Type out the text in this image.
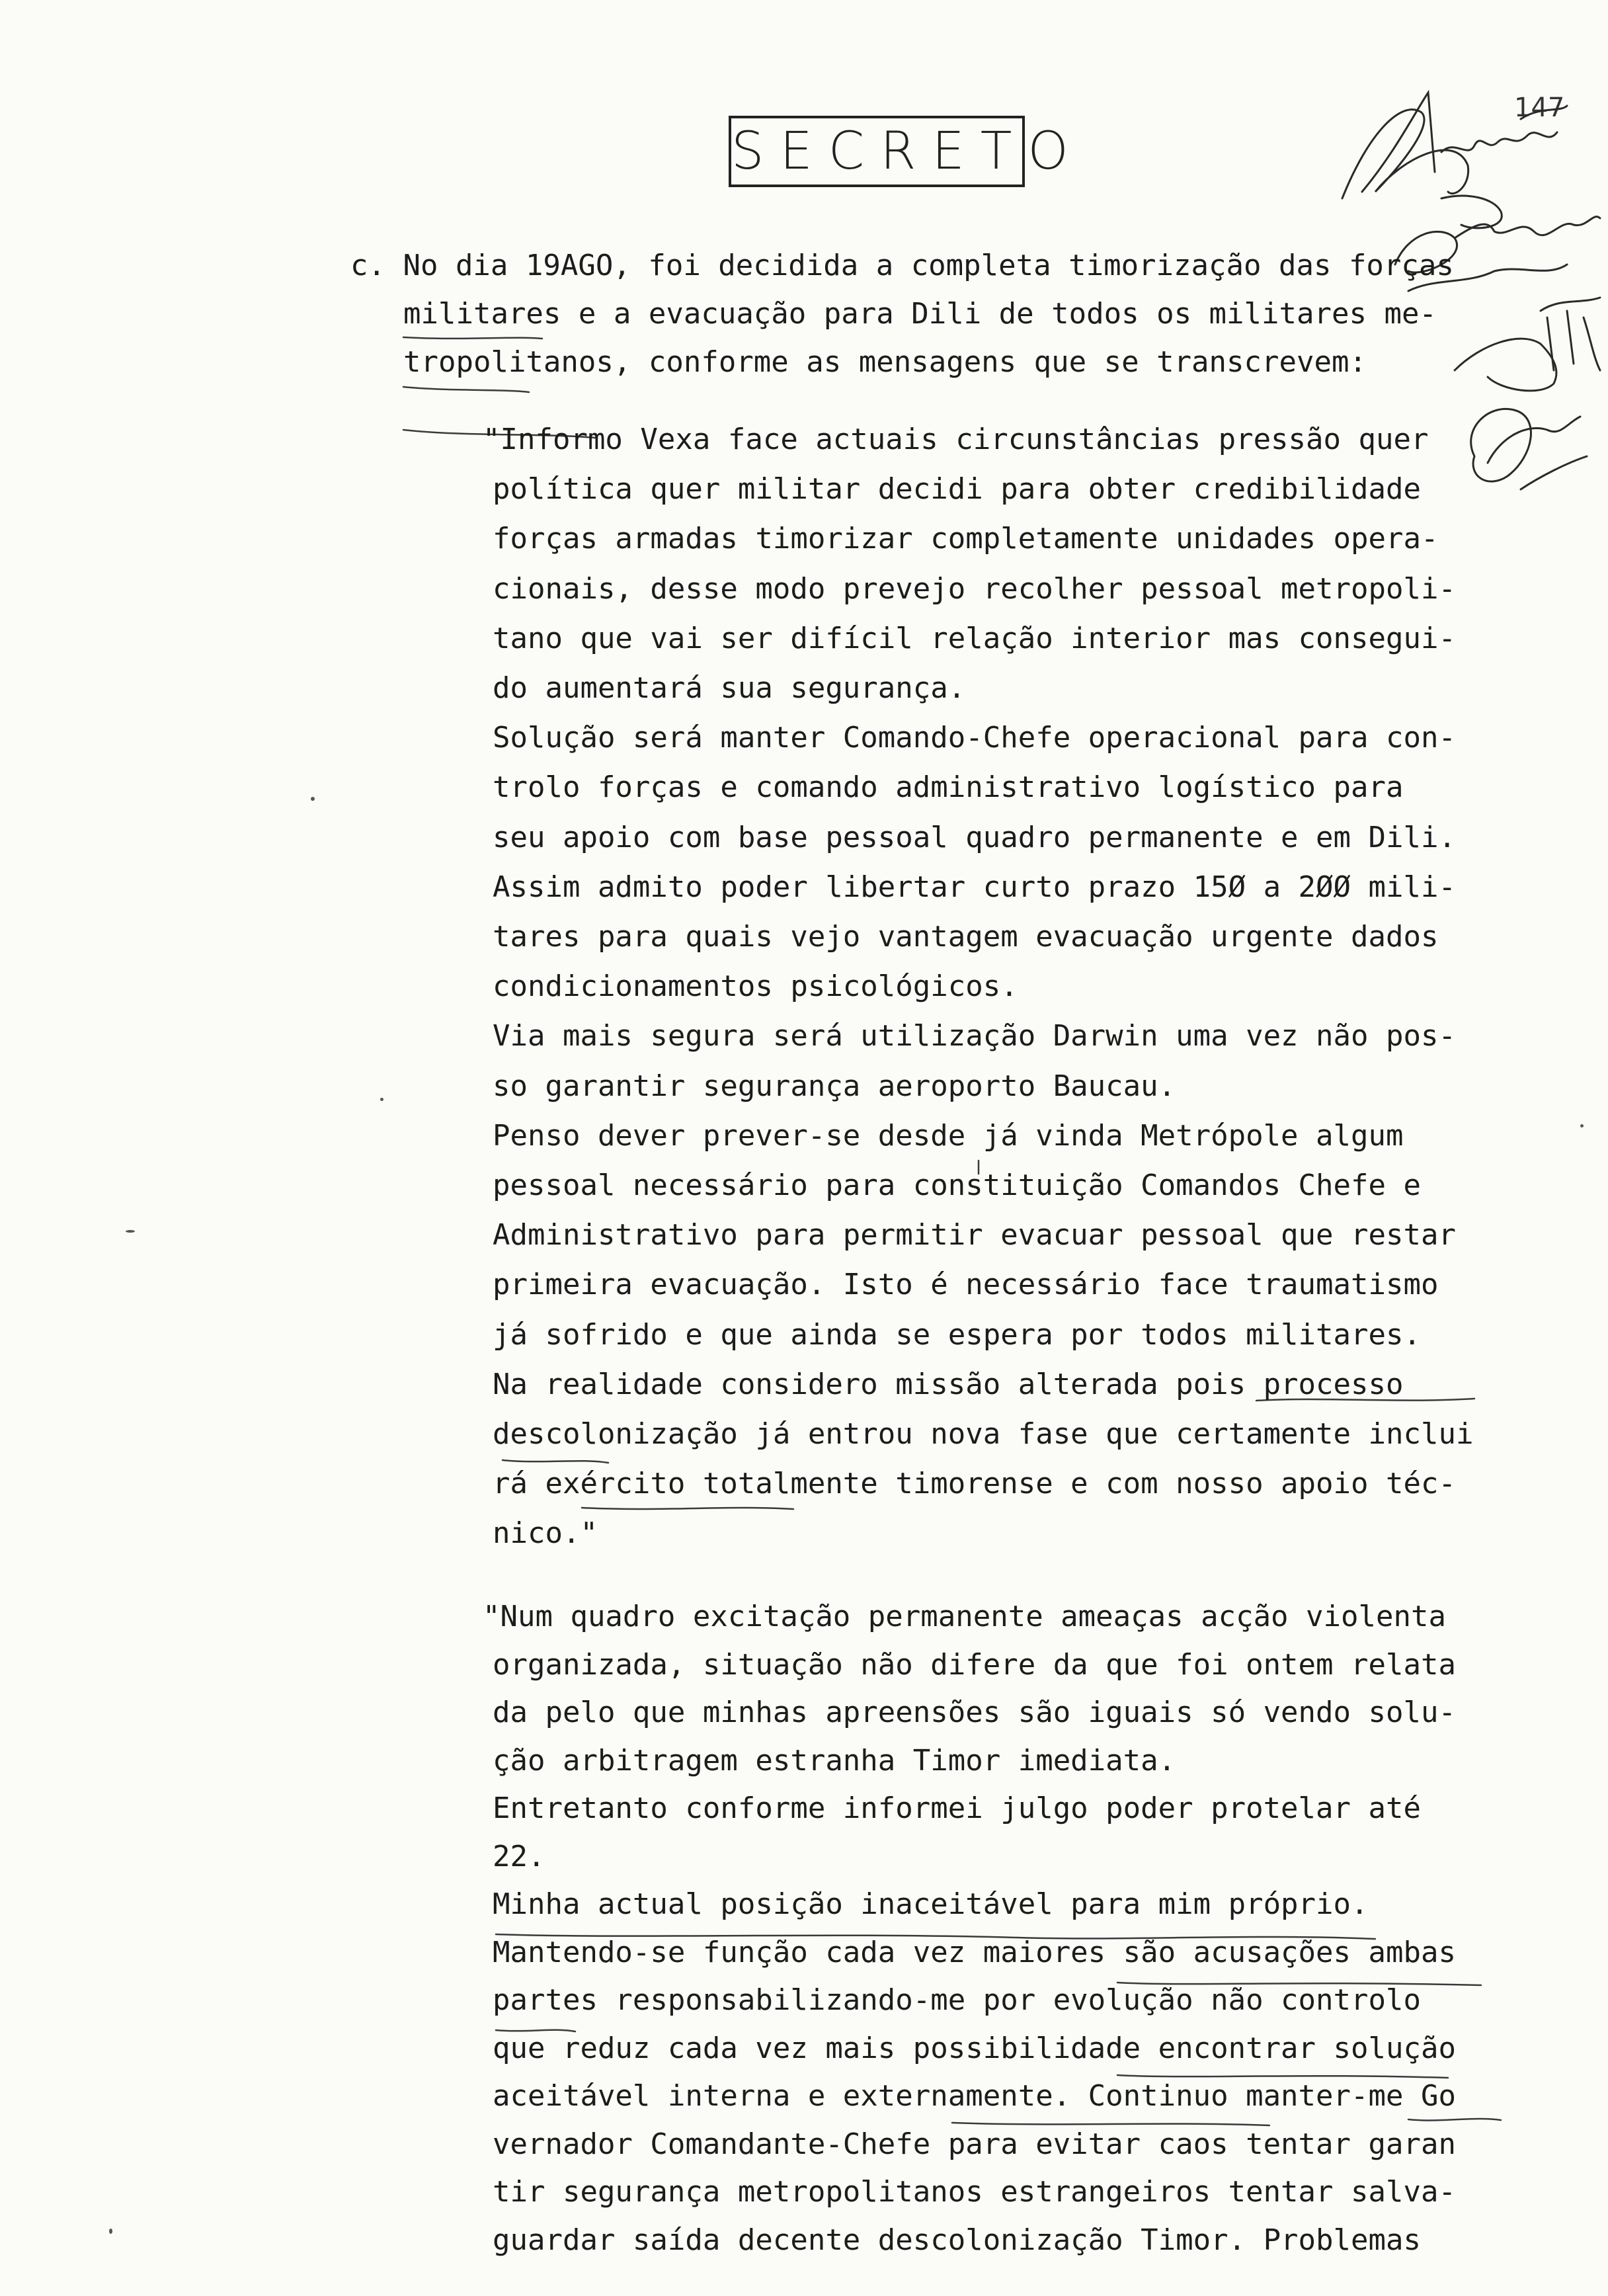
SECRETO
147
c. No dia 19AGO, foi decidida a completa timorização das forças
militares e a evacuação para Dili de todos os militares me-
tropolitanos, conforme as mensagens que se transcrevem:
"Informo Vexa face actuais circunstâncias pressão quer
política quer militar decidi para obter credibilidade
forças armadas timorizar completamente unidades opera-
cionais, desse modo prevejo recolher pessoal metropoli-
tano que vai ser difícil relação interior mas consegui-
do aumentará sua segurança.
Solução será manter Comando-Chefe operacional para con-
trolo forças e comando administrativo logístico para
seu apoio com base pessoal quadro permanente e em Dili.
Assim admito poder libertar curto prazo 15Ø a 2ØØ mili-
tares para quais vejo vantagem evacuação urgente dados
condicionamentos psicológicos.
Via mais segura será utilização Darwin uma vez não pos-
so garantir segurança aeroporto Baucau.
Penso dever prever-se desde já vinda Metrópole algum
pessoal necessário para constituição Comandos Chefe e
Administrativo para permitir evacuar pessoal que restar
primeira evacuação. Isto é necessário face traumatismo
já sofrido e que ainda se espera por todos militares.
Na realidade considero missão alterada pois processo
descolonização já entrou nova fase que certamente inclui
rá exército totalmente timorense e com nosso apoio téc-
nico."
"Num quadro excitação permanente ameaças acção violenta
organizada, situação não difere da que foi ontem relata
da pelo que minhas apreensões são iguais só vendo solu-
ção arbitragem estranha Timor imediata.
Entretanto conforme informei julgo poder protelar até
22.
Minha actual posição inaceitável para mim próprio.
Mantendo-se função cada vez maiores são acusações ambas
partes responsabilizando-me por evolução não controlo
que reduz cada vez mais possibilidade encontrar solução
aceitável interna e externamente. Continuo manter-me Go
vernador Comandante-Chefe para evitar caos tentar garan
tir segurança metropolitanos estrangeiros tentar salva-
guardar saída decente descolonização Timor. Problemas
